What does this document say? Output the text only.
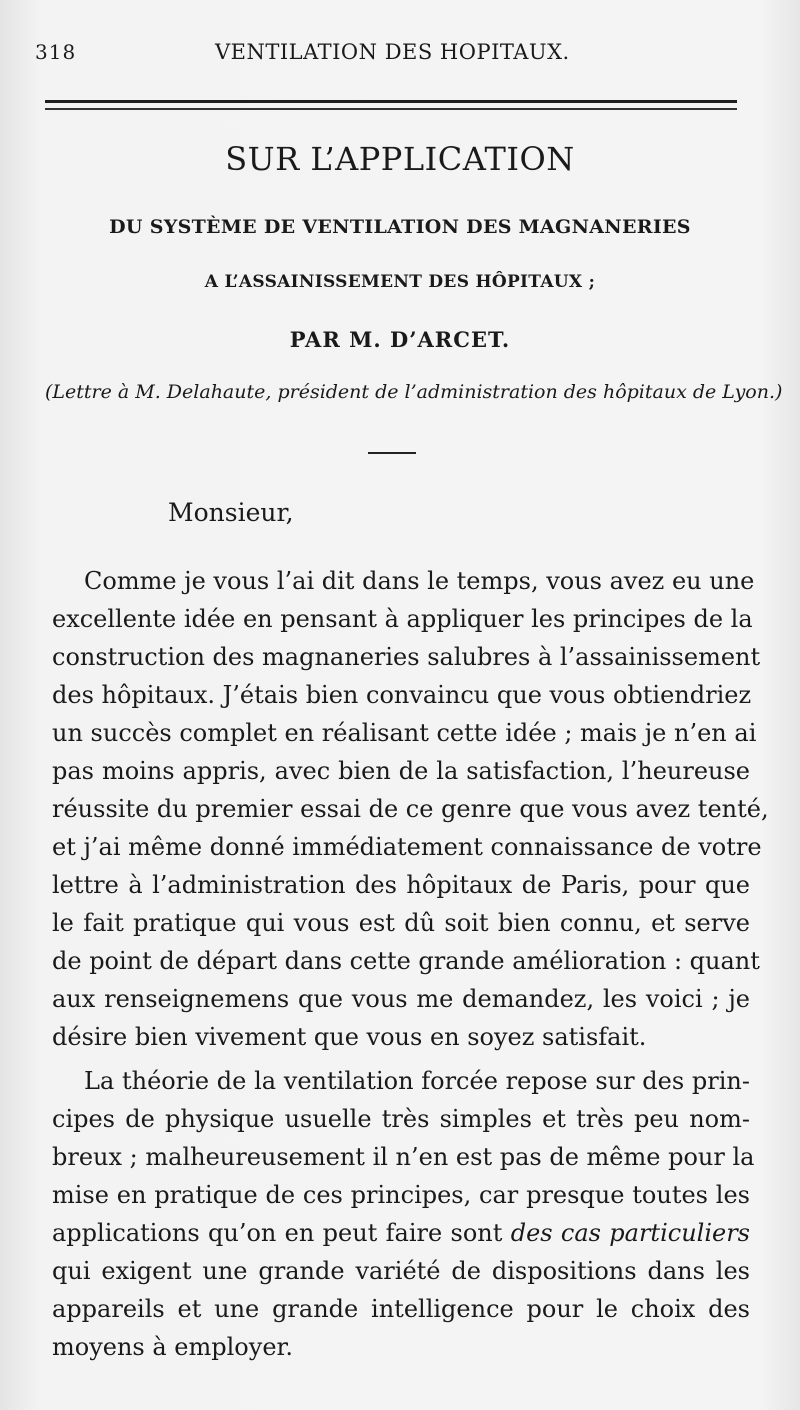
318	VENTILATION DES HOPITAUX.
SUR L’APPLICATION
DU SYSTÈME DE VENTILATION DES MAGNANERIES
A L’ASSAINISSEMENT DES HÔPITAUX ;
PAR M. D’ARCET.
(Lettre à M. Delahaute, président de l’administration des hôpitaux de Lyon.)
Monsieur,
Comme je vous l’ai dit dans le temps, vous avez eu une
excellente idée en pensant à appliquer les principes de la
construction des magnaneries salubres à l’assainissement
des hôpitaux. J’étais bien convaincu que vous obtiendriez
un succès complet en réalisant cette idée ; mais je n’en ai
pas moins appris, avec bien de la satisfaction, l’heureuse
réussite du premier essai de ce genre que vous avez tenté,
et j’ai même donné immédiatement connaissance de votre
lettre à l’administration des hôpitaux de Paris, pour que
le fait pratique qui vous est dû soit bien connu, et serve
de point de départ dans cette grande amélioration : quant
aux renseignemens que vous me demandez, les voici ; je
désire bien vivement que vous en soyez satisfait.
La théorie de la ventilation forcée repose sur des prin-
cipes de physique usuelle très simples et très peu nom-
breux ; malheureusement il n’en est pas de même pour la
mise en pratique de ces principes, car presque toutes les
applications qu’on en peut faire sont des cas particuliers
qui exigent une grande variété de dispositions dans les
appareils et une grande intelligence pour le choix des
moyens à employer.
